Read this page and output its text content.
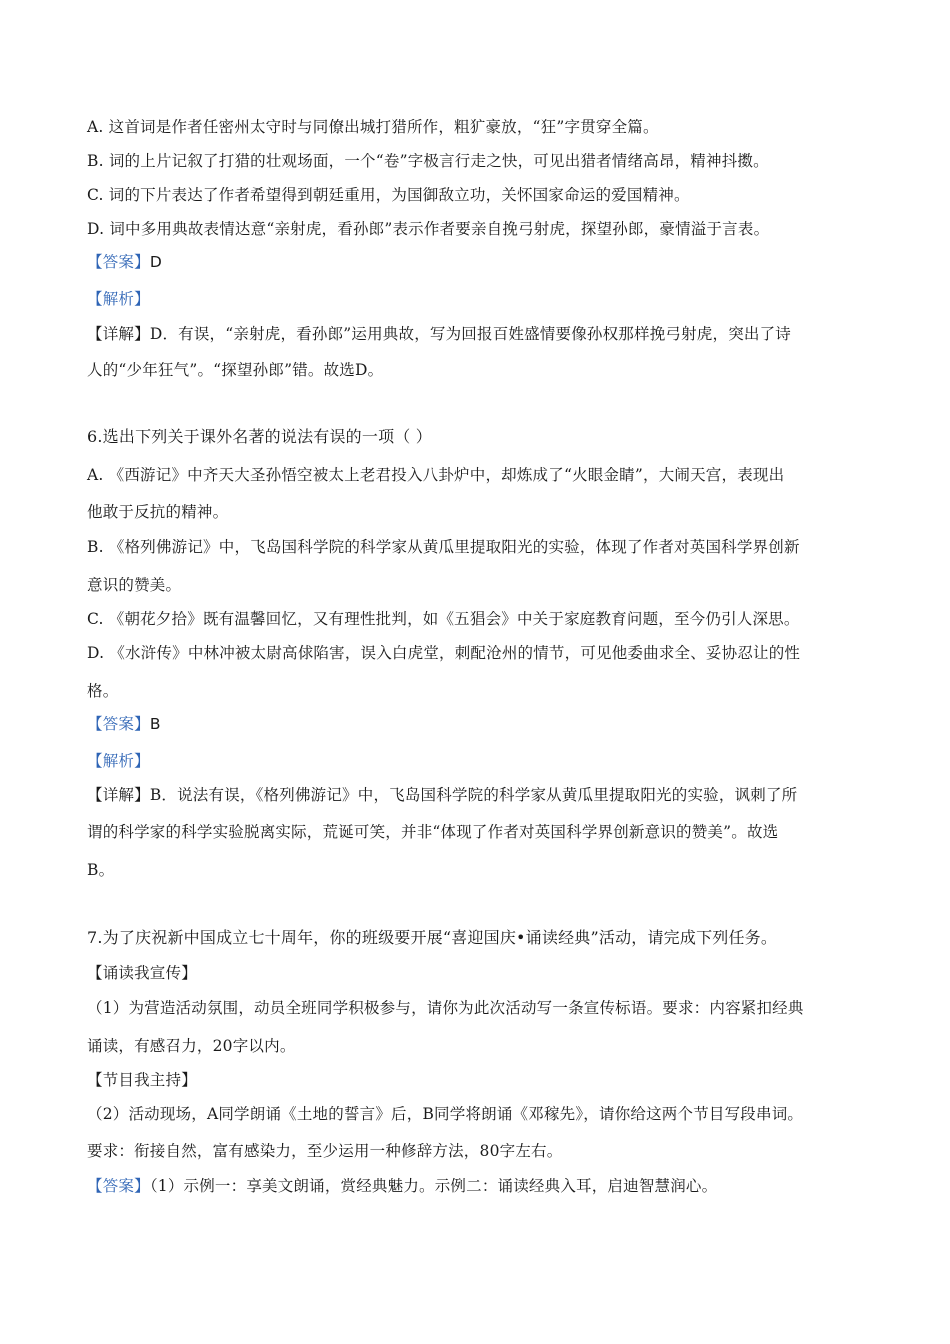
A. 这首词是作者任密州太守时与同僚出城打猎所作，粗犷豪放，“狂”字贯穿全篇。
B. 词的上片记叙了打猎的壮观场面，一个“卷”字极言行走之快，可见出猎者情绪高昂，精神抖擞。
C. 词的下片表达了作者希望得到朝廷重用，为国御敌立功，关怀国家命运的爱国精神。
D. 词中多用典故表情达意“亲射虎，看孙郎”表示作者要亲自挽弓射虎，探望孙郎，豪情溢于言表。
【答案】D
【解析】
【详解】D．有误，“亲射虎，看孙郎”运用典故，写为回报百姓盛情要像孙权那样挽弓射虎，突出了诗
人的“少年狂气”。“探望孙郎”错。故选D。
6.选出下列关于课外名著的说法有误的一项（ ）
A. 《西游记》中齐天大圣孙悟空被太上老君投入八卦炉中，却炼成了“火眼金睛”，大闹天宫，表现出
他敢于反抗的精神。
B. 《格列佛游记》中，飞岛国科学院的科学家从黄瓜里提取阳光的实验，体现了作者对英国科学界创新
意识的赞美。
C. 《朝花夕拾》既有温馨回忆，又有理性批判，如《五猖会》中关于家庭教育问题，至今仍引人深思。
D. 《水浒传》中林冲被太尉高俅陷害，误入白虎堂，刺配沧州的情节，可见他委曲求全、妥协忍让的性
格。
【答案】B
【解析】
【详解】B．说法有误，《格列佛游记》中，飞岛国科学院的科学家从黄瓜里提取阳光的实验，讽刺了所
谓的科学家的科学实验脱离实际，荒诞可笑，并非“体现了作者对英国科学界创新意识的赞美”。故选
B。
7.为了庆祝新中国成立七十周年，你的班级要开展“喜迎国庆•诵读经典”活动，请完成下列任务。
【诵读我宣传】
（1）为营造活动氛围，动员全班同学积极参与，请你为此次活动写一条宣传标语。要求：内容紧扣经典
诵读，有感召力，20字以内。
【节目我主持】
（2）活动现场，A同学朗诵《土地的誓言》后，B同学将朗诵《邓稼先》，请你给这两个节目写段串词。
要求：衔接自然，富有感染力，至少运用一种修辞方法，80字左右。
【答案】（1）示例一：享美文朗诵，赏经典魅力。示例二：诵读经典入耳，启迪智慧润心。
